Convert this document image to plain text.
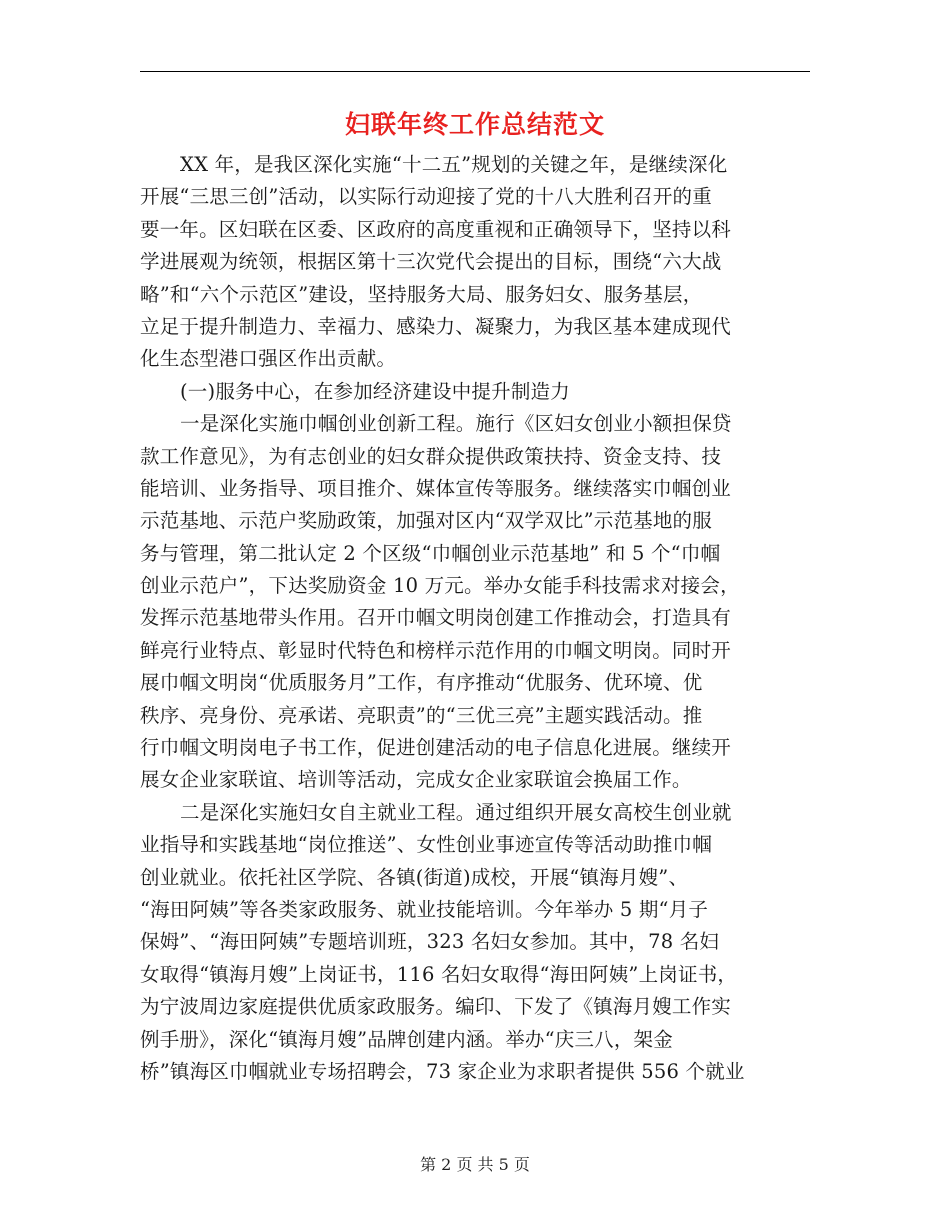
妇联年终工作总结范文
XX 年，是我区深化实施“十二五”规划的关键之年，是继续深化
开展“三思三创”活动，以实际行动迎接了党的十八大胜利召开的重
要一年。区妇联在区委、区政府的高度重视和正确领导下，坚持以科
学进展观为统领，根据区第十三次党代会提出的目标，围绕“六大战
略”和“六个示范区”建设，坚持服务大局、服务妇女、服务基层，
立足于提升制造力、幸福力、感染力、凝聚力，为我区基本建成现代
化生态型港口强区作出贡献。
(一)服务中心，在参加经济建设中提升制造力
一是深化实施巾帼创业创新工程。施行《区妇女创业小额担保贷
款工作意见》，为有志创业的妇女群众提供政策扶持、资金支持、技
能培训、业务指导、项目推介、媒体宣传等服务。继续落实巾帼创业
示范基地、示范户奖励政策，加强对区内“双学双比”示范基地的服
务与管理，第二批认定 2 个区级“巾帼创业示范基地” 和 5 个“巾帼
创业示范户”，下达奖励资金 10 万元。举办女能手科技需求对接会，
发挥示范基地带头作用。召开巾帼文明岗创建工作推动会，打造具有
鲜亮行业特点、彰显时代特色和榜样示范作用的巾帼文明岗。同时开
展巾帼文明岗“优质服务月”工作，有序推动“优服务、优环境、优
秩序、亮身份、亮承诺、亮职责”的“三优三亮”主题实践活动。推
行巾帼文明岗电子书工作，促进创建活动的电子信息化进展。继续开
展女企业家联谊、培训等活动，完成女企业家联谊会换届工作。
二是深化实施妇女自主就业工程。通过组织开展女高校生创业就
业指导和实践基地“岗位推送”、女性创业事迹宣传等活动助推巾帼
创业就业。依托社区学院、各镇(街道)成校，开展“镇海月嫂”、
“海田阿姨”等各类家政服务、就业技能培训。今年举办 5 期“月子
保姆”、“海田阿姨”专题培训班，323 名妇女参加。其中，78 名妇
女取得“镇海月嫂”上岗证书，116 名妇女取得“海田阿姨”上岗证书，
为宁波周边家庭提供优质家政服务。编印、下发了《镇海月嫂工作实
例手册》，深化“镇海月嫂”品牌创建内涵。举办“庆三八，架金
桥”镇海区巾帼就业专场招聘会，73 家企业为求职者提供 556 个就业
第 2 页 共 5 页
